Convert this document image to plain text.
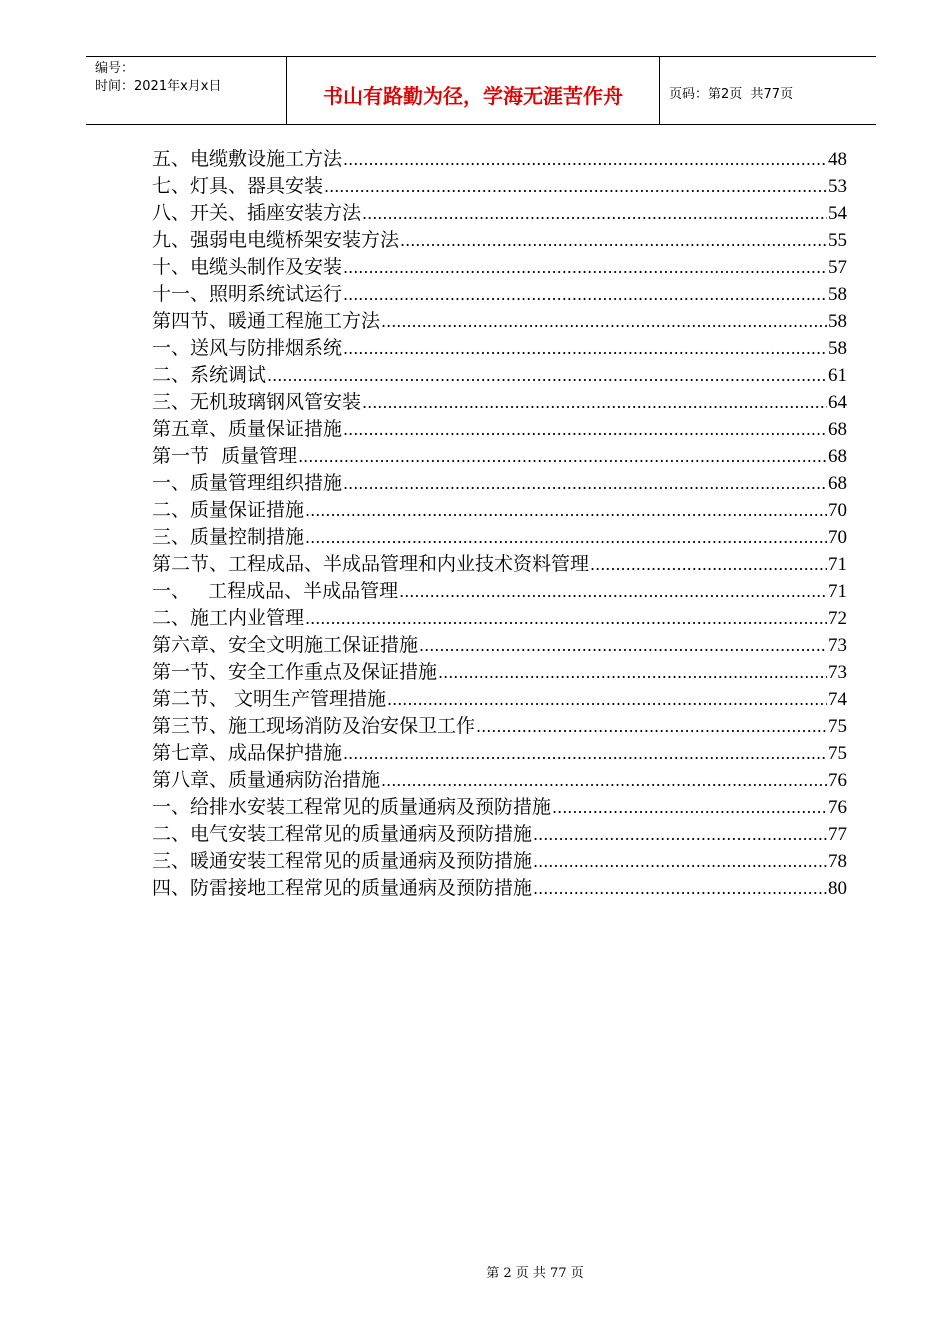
编号：
时间：2021年x月x日	书山有路勤为径，学海无涯苦作舟	页码：第2页  共77页
五、电缆敷设施工方法 .....	48
七、灯具、器具安装 .....	53
八、开关、插座安装方法 .....	54
九、强弱电电缆桥架安装方法 .....	55
十、电缆头制作及安装 .....	57
十一、照明系统试运行 .....	58
第四节、暖通工程施工方法 .....	58
一、送风与防排烟系统 .....	58
二、系统调试 .....	61
三、无机玻璃钢风管安装 .....	64
第五章、质量保证措施 .....	68
第一节  质量管理 .....	68
一、质量管理组织措施 .....	68
二、质量保证措施 .....	70
三、质量控制措施 .....	70
第二节、工程成品、半成品管理和内业技术资料管理 .....	71
一、   工程成品、半成品管理 .....	71
二、施工内业管理 .....	72
第六章、安全文明施工保证措施 .....	73
第一节、安全工作重点及保证措施 .....	73
第二节、 文明生产管理措施 .....	74
第三节、施工现场消防及治安保卫工作 .....	75
第七章、成品保护措施 .....	75
第八章、质量通病防治措施 .....	76
一、给排水安装工程常见的质量通病及预防措施 .....	76
二、电气安装工程常见的质量通病及预防措施 .....	77
三、暖通安装工程常见的质量通病及预防措施 .....	78
四、防雷接地工程常见的质量通病及预防措施 .....	80
第 2 页 共 77 页
